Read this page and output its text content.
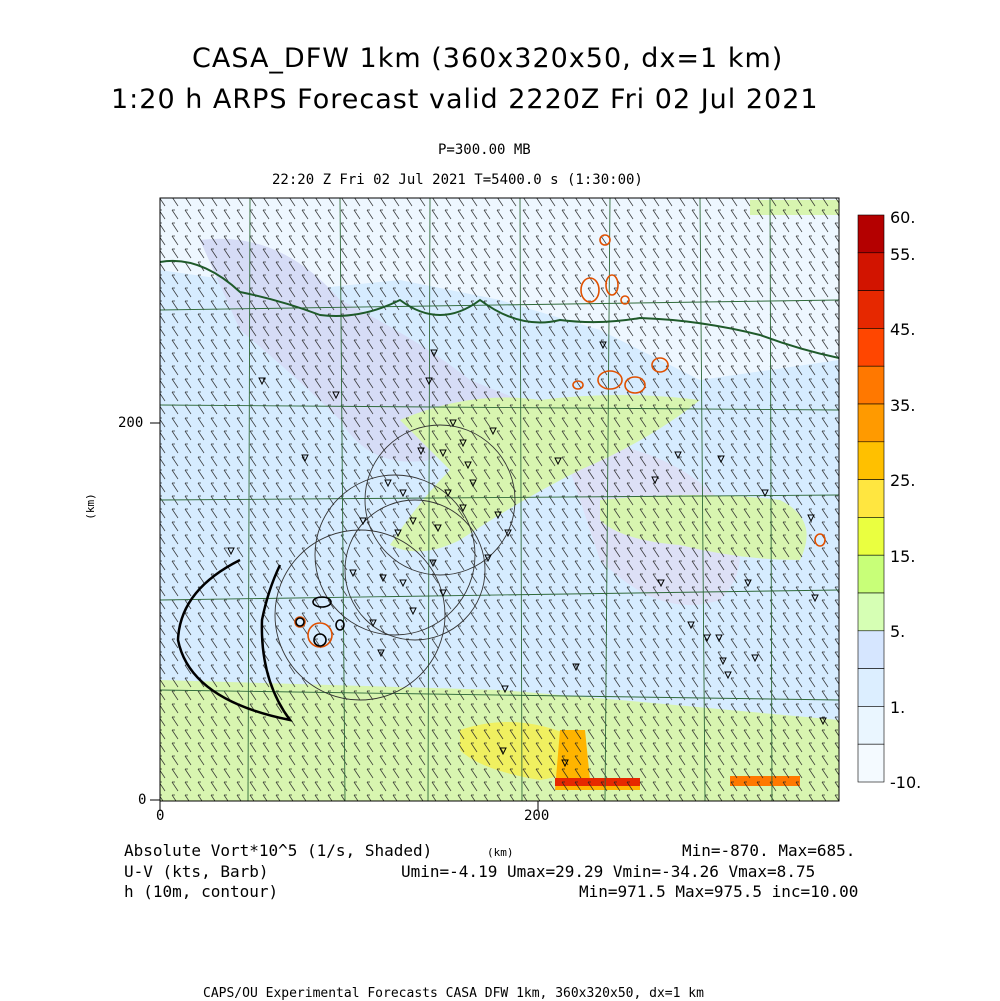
CASA_DFW 1km (360x320x50, dx=1 km)
1:20 h ARPS Forecast valid 2220Z Fri 02 Jul 2021
P=300.00 MB
22:20 Z Fri 02 Jul 2021 T=5400.0 s (1:30:00)
200
0
0	200
(km)
(km)
60.
55.
45.
35.
25.
15.
5.
1.
-10.
Absolute Vort*10^5 (1/s, Shaded)	Min=-870. Max=685.
U-V (kts, Barb)	Umin=-4.19 Umax=29.29 Vmin=-34.26 Vmax=8.75
h (10m, contour)	Min=971.5 Max=975.5 inc=10.00
CAPS/OU Experimental Forecasts CASA DFW 1km, 360x320x50, dx=1 km
